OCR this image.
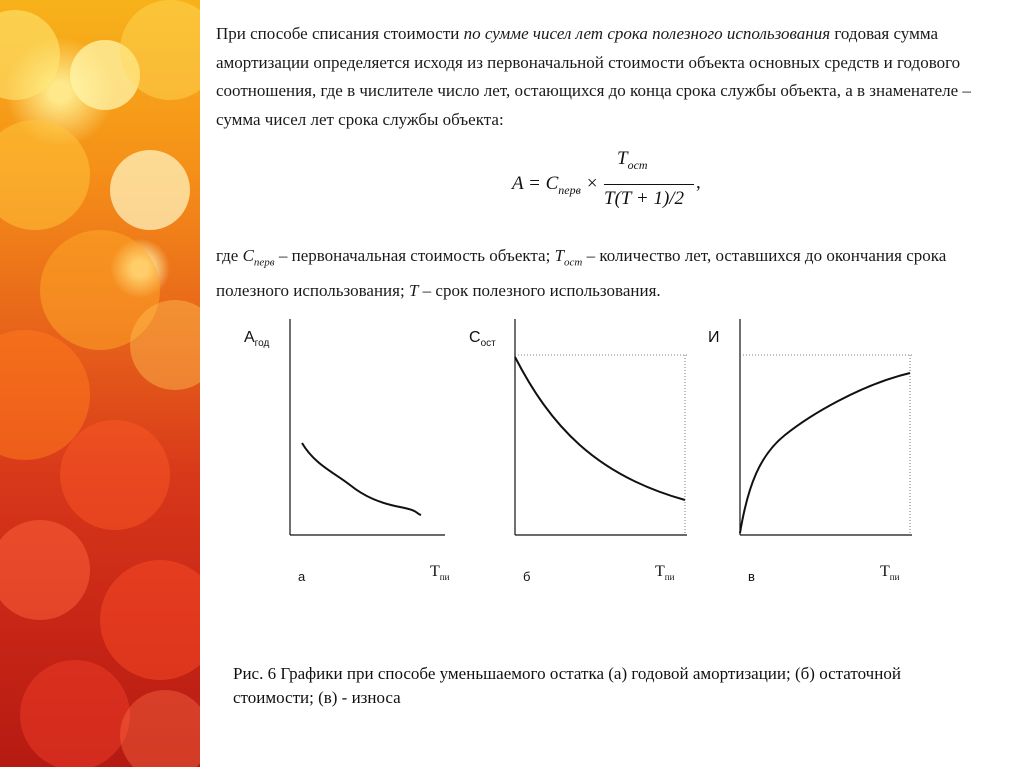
При способе списания стоимости по сумме чисел лет срока полезного использования годовая сумма амортизации определяется исходя из первоначальной стоимости объекта основных средств и годового соотношения, где в числителе число лет, остающихся до конца срока службы объекта, а в знаменателе – сумма чисел лет срока службы объекта:

$A = C_{перв}$ ×
$T_{ост}$
T(T + 1)/2
,

где $C_{перв}$ – первоначальная стоимость объекта; $T_{ост}$ – количество лет, оставшихся до окончания срока полезного использования; T – срок полезного использования.

$А_{год}$
а	$Т_{пи}$
$С_{ост}$
б	$Т_{пи}$
И
в	$Т_{пи}$

Рис. 6 Графики при способе уменьшаемого остатка (а) годовой амортизации; (б) остаточной стоимости; (в) - износа
